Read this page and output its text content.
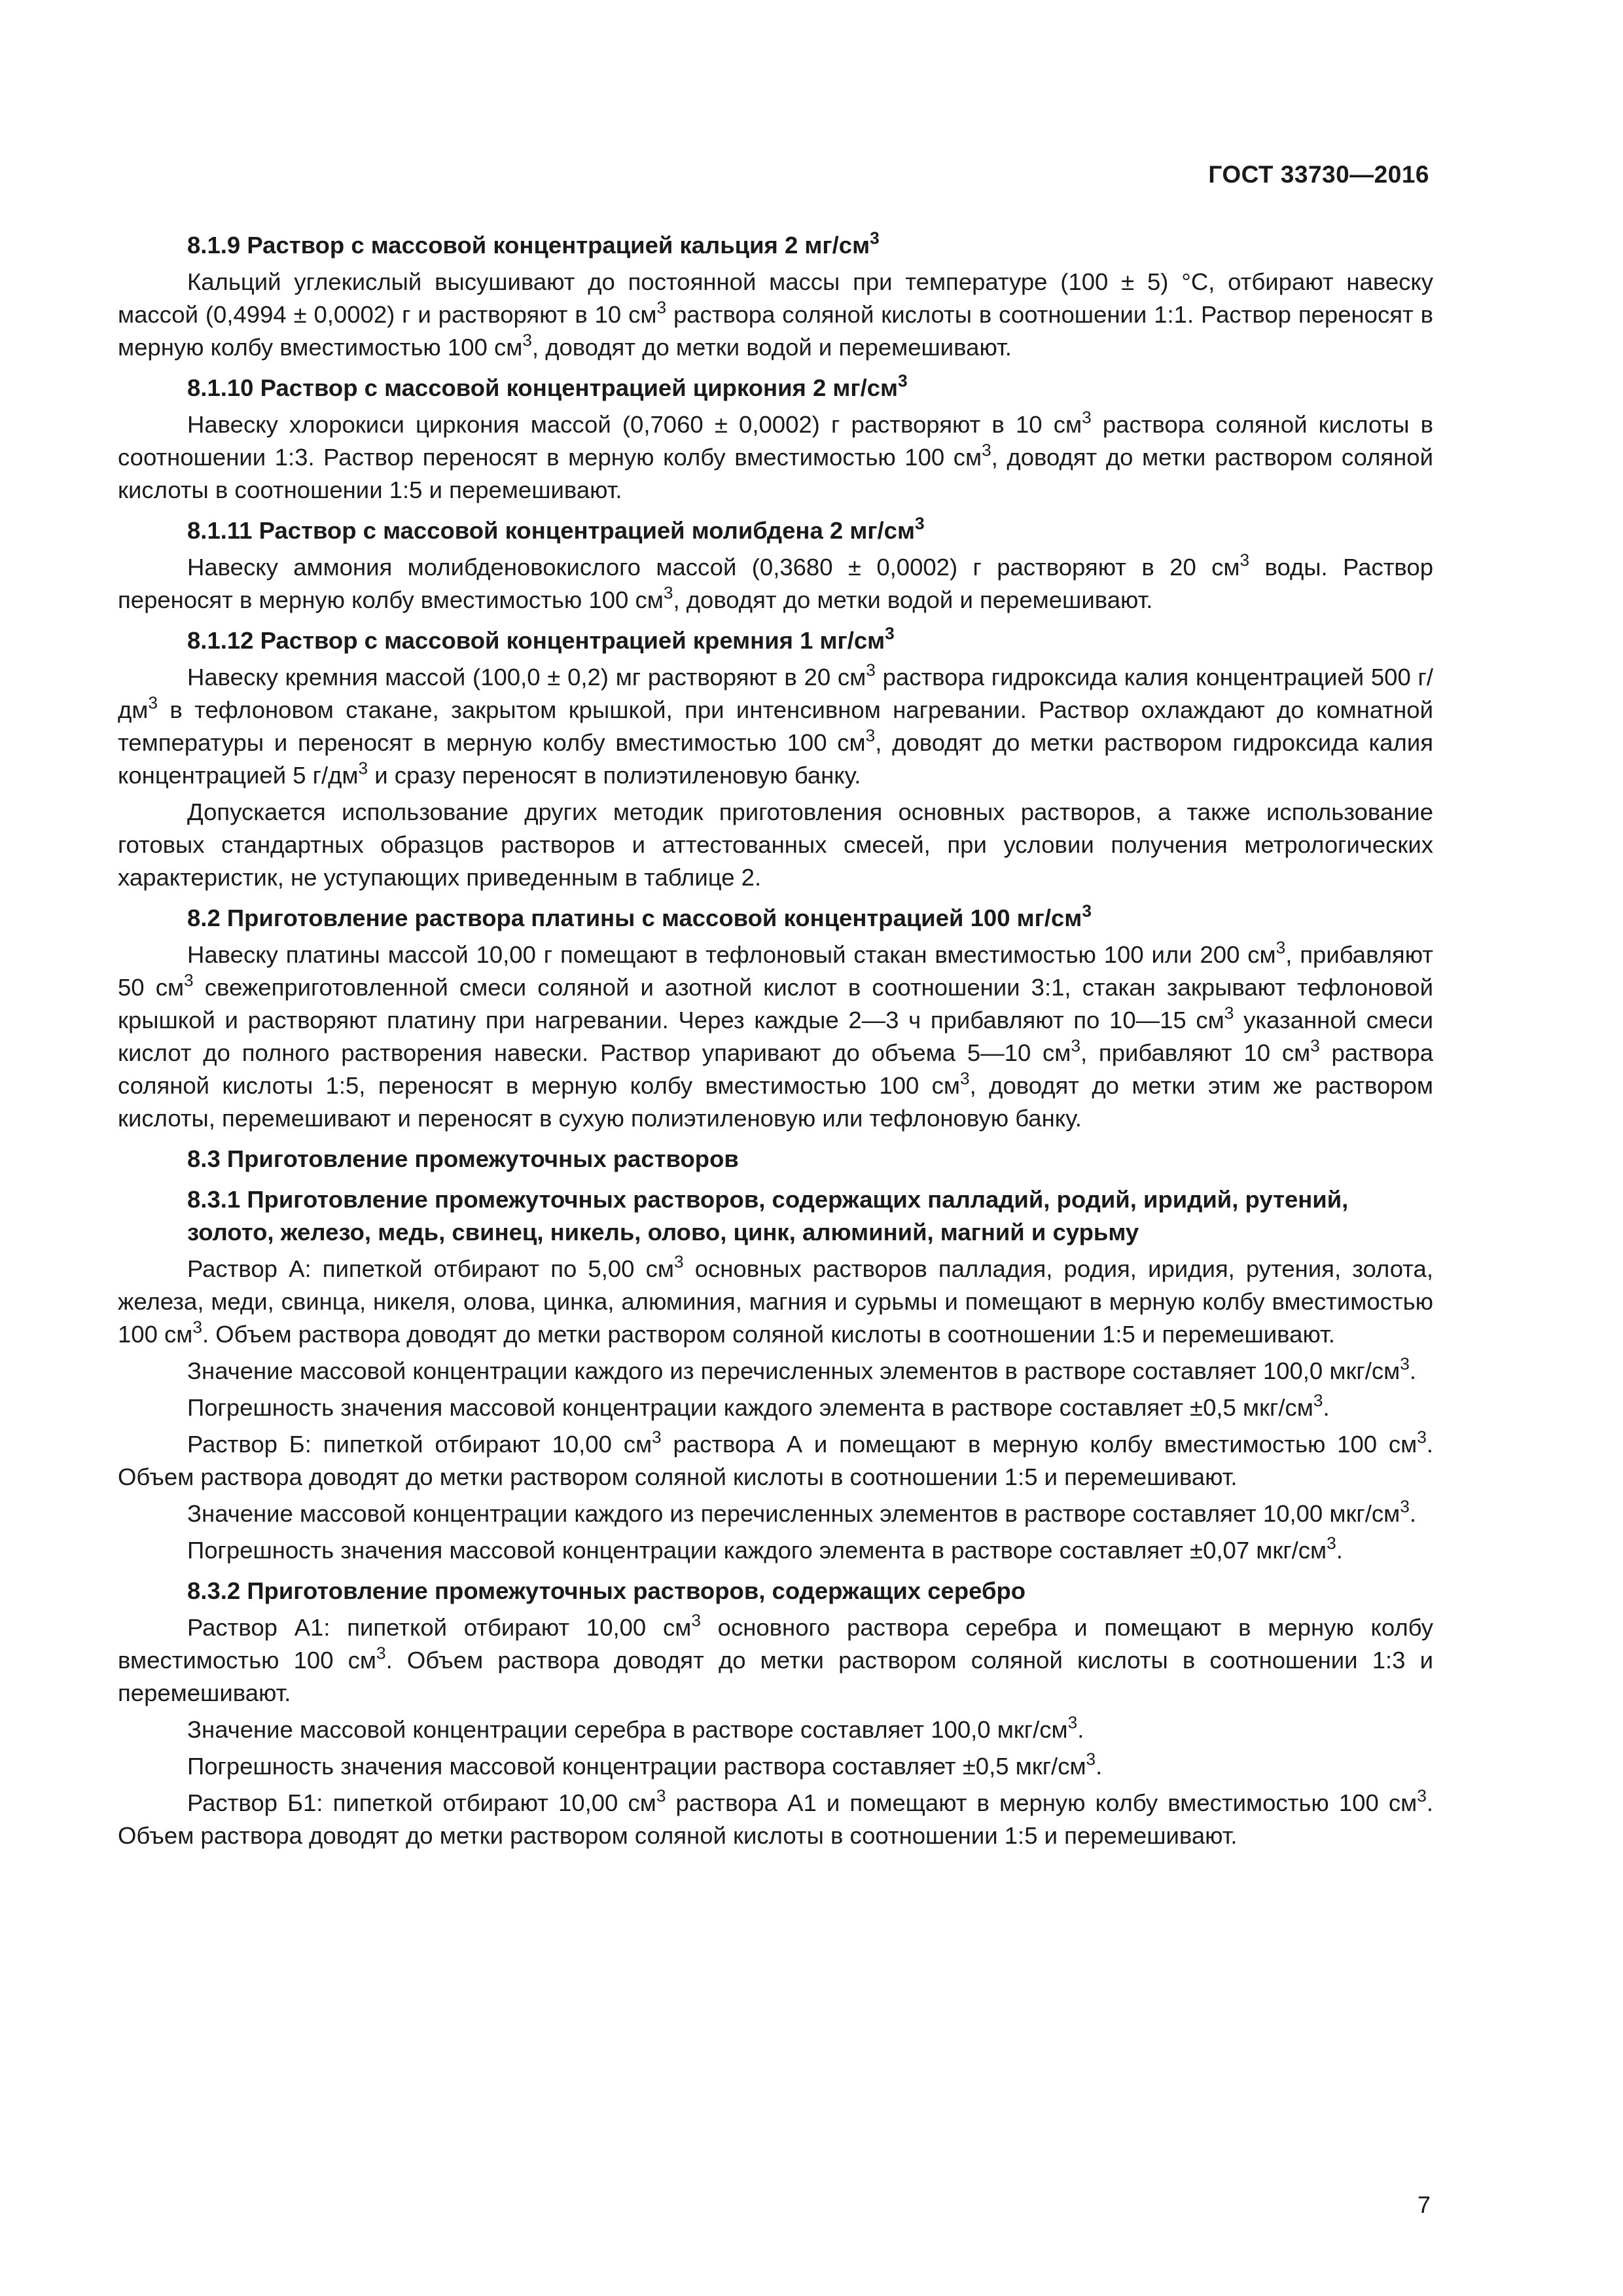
ГОСТ 33730—2016
8.1.9 Раствор с массовой концентрацией кальция 2 $мг/см^3$
Кальций углекислый высушивают до постоянной массы при температуре (100 ± 5) °С, отбирают навеску массой (0,4994 ± 0,0002) г и растворяют в 10 $см^3$ раствора соляной кислоты в соотношении 1:1. Раствор переносят в мерную колбу вместимостью 100 $см^3$, доводят до метки водой и перемешивают.
8.1.10 Раствор с массовой концентрацией циркония 2 $мг/см^3$
Навеску хлорокиси циркония массой (0,7060 ± 0,0002) г растворяют в 10 $см^3$ раствора соляной кислоты в соотношении 1:3. Раствор переносят в мерную колбу вместимостью 100 $см^3$, доводят до метки раствором соляной кислоты в соотношении 1:5 и перемешивают.
8.1.11 Раствор с массовой концентрацией молибдена 2 $мг/см^3$
Навеску аммония молибденовокислого массой (0,3680 ± 0,0002) г растворяют в 20 $см^3$ воды. Раствор переносят в мерную колбу вместимостью 100 $см^3$, доводят до метки водой и перемешивают.
8.1.12 Раствор с массовой концентрацией кремния 1 $мг/см^3$
Навеску кремния массой (100,0 ± 0,2) мг растворяют в 20 $см^3$ раствора гидроксида калия концентрацией 500 $г/дм^3$ в тефлоновом стакане, закрытом крышкой, при интенсивном нагревании. Раствор охлаждают до комнатной температуры и переносят в мерную колбу вместимостью 100 $см^3$, доводят до метки раствором гидроксида калия концентрацией 5 $г/дм^3$ и сразу переносят в полиэтиленовую банку.
Допускается использование других методик приготовления основных растворов, а также использование готовых стандартных образцов растворов и аттестованных смесей, при условии получения метрологических характеристик, не уступающих приведенным в таблице 2.
8.2 Приготовление раствора платины с массовой концентрацией 100 $мг/см^3$
Навеску платины массой 10,00 г помещают в тефлоновый стакан вместимостью 100 или 200 $см^3$, прибавляют 50 $см^3$ свежеприготовленной смеси соляной и азотной кислот в соотношении 3:1, стакан закрывают тефлоновой крышкой и растворяют платину при нагревании. Через каждые 2—3 ч прибавляют по 10—15 $см^3$ указанной смеси кислот до полного растворения навески. Раствор упаривают до объема 5—10 $см^3$, прибавляют 10 $см^3$ раствора соляной кислоты 1:5, переносят в мерную колбу вместимостью 100 $см^3$, доводят до метки этим же раствором кислоты, перемешивают и переносят в сухую полиэтиленовую или тефлоновую банку.
8.3 Приготовление промежуточных растворов
8.3.1 Приготовление промежуточных растворов, содержащих палладий, родий, иридий, рутений, золото, железо, медь, свинец, никель, олово, цинк, алюминий, магний и сурьму
Раствор А: пипеткой отбирают по 5,00 $см^3$ основных растворов палладия, родия, иридия, рутения, золота, железа, меди, свинца, никеля, олова, цинка, алюминия, магния и сурьмы и помещают в мерную колбу вместимостью 100 $см^3$. Объем раствора доводят до метки раствором соляной кислоты в соотношении 1:5 и перемешивают.
Значение массовой концентрации каждого из перечисленных элементов в растворе составляет 100,0 мкг/$см^3$.
Погрешность значения массовой концентрации каждого элемента в растворе составляет ±0,5 мкг/$см^3$.
Раствор Б: пипеткой отбирают 10,00 $см^3$ раствора А и помещают в мерную колбу вместимостью 100 $см^3$. Объем раствора доводят до метки раствором соляной кислоты в соотношении 1:5 и перемешивают.
Значение массовой концентрации каждого из перечисленных элементов в растворе составляет 10,00 мкг/$см^3$.
Погрешность значения массовой концентрации каждого элемента в растворе составляет ±0,07 мкг/$см^3$.
8.3.2 Приготовление промежуточных растворов, содержащих серебро
Раствор А1: пипеткой отбирают 10,00 $см^3$ основного раствора серебра и помещают в мерную колбу вместимостью 100 $см^3$. Объем раствора доводят до метки раствором соляной кислоты в соотношении 1:3 и перемешивают.
Значение массовой концентрации серебра в растворе составляет 100,0 мкг/$см^3$.
Погрешность значения массовой концентрации раствора составляет ±0,5 мкг/$см^3$.
Раствор Б1: пипеткой отбирают 10,00 $см^3$ раствора А1 и помещают в мерную колбу вместимостью 100 $см^3$. Объем раствора доводят до метки раствором соляной кислоты в соотношении 1:5 и перемешивают.
7
